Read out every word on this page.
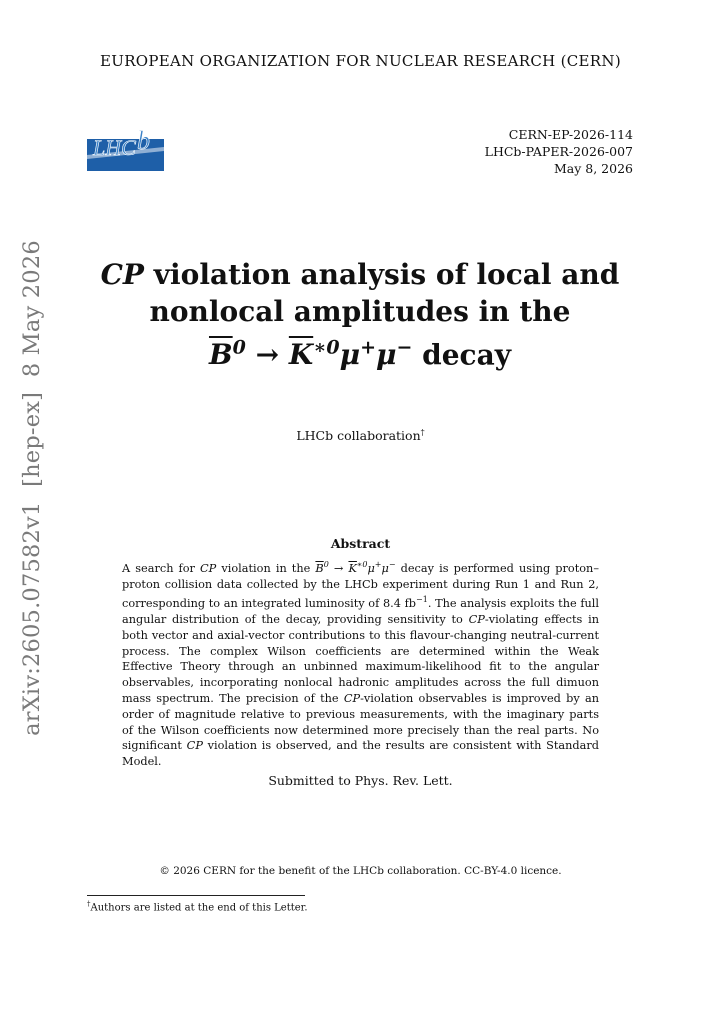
EUROPEAN ORGANIZATION FOR NUCLEAR RESEARCH (CERN)
LHC b	CERN-EP-2026-114
LHCb-PAPER-2026-007
May 8, 2026
CP violation analysis of local and
nonlocal amplitudes in the
$\overline{B}^0 \to \overline{K}^{∗0}\mu^+\mu^-$ decay
LHCb collaboration†
Abstract
A search for CP violation in the $\overline{B}^0 \to \overline{K}^{∗0}\mu^+\mu^-$ decay is performed using proton–proton collision data collected by the LHCb experiment during Run 1 and Run 2, corresponding to an integrated luminosity of 8.4 $fb^{-1}$. The analysis exploits the full angular distribution of the decay, providing sensitivity to CP-violating effects in both vector and axial-vector contributions to this flavour-changing neutral-current process. The complex Wilson coefficients are determined within the Weak Effective Theory through an unbinned maximum-likelihood fit to the angular observables, incorporating nonlocal hadronic amplitudes across the full dimuon mass spectrum. The precision of the CP-violation observables is improved by an order of magnitude relative to previous measurements, with the imaginary parts of the Wilson coefficients now determined more precisely than the real parts. No significant CP violation is observed, and the results are consistent with Standard Model.
Submitted to Phys. Rev. Lett.
© 2026 CERN for the benefit of the LHCb collaboration. CC-BY-4.0 licence.
†Authors are listed at the end of this Letter.
arXiv:2605.07582v1  [hep-ex]  8 May 2026
